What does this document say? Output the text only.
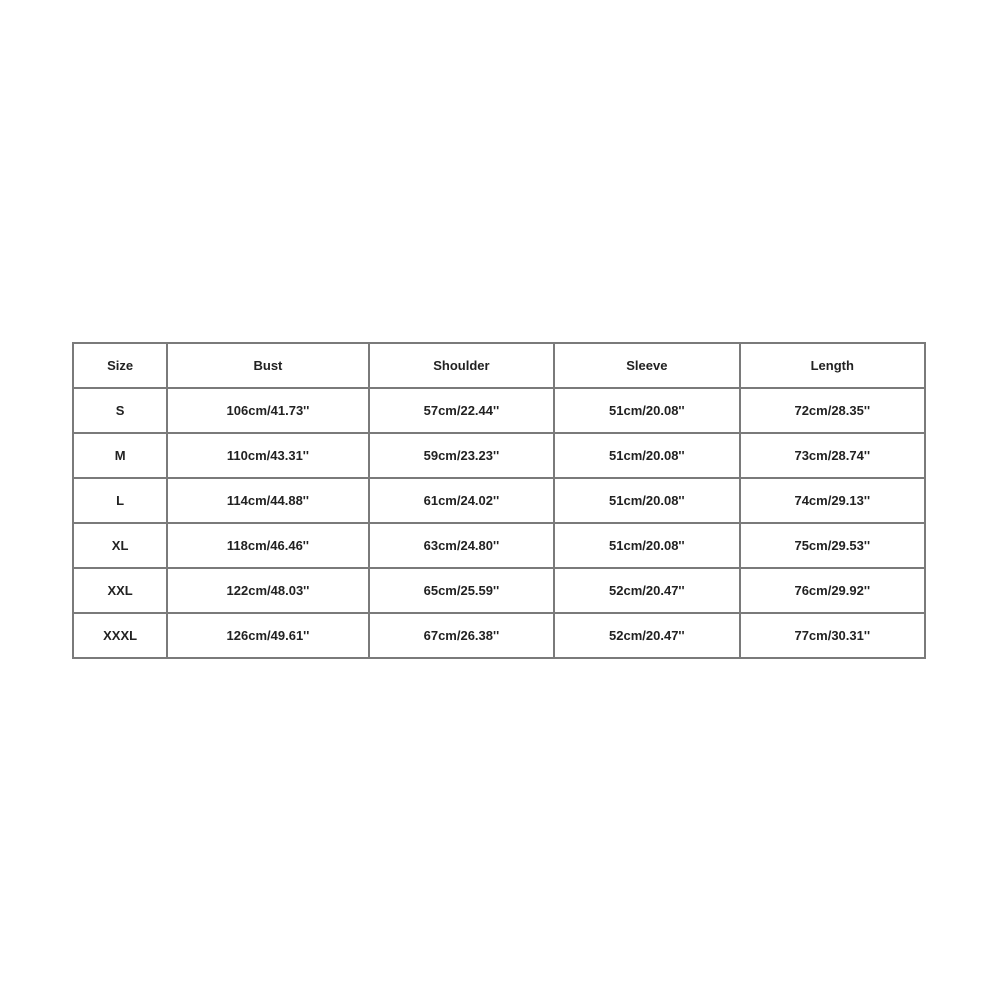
Size	Bust	Shoulder	Sleeve	Length
S	106cm/41.73''	57cm/22.44''	51cm/20.08''	72cm/28.35''
M	110cm/43.31''	59cm/23.23''	51cm/20.08''	73cm/28.74''
L	114cm/44.88''	61cm/24.02''	51cm/20.08''	74cm/29.13''
XL	118cm/46.46''	63cm/24.80''	51cm/20.08''	75cm/29.53''
XXL	122cm/48.03''	65cm/25.59''	52cm/20.47''	76cm/29.92''
XXXL	126cm/49.61''	67cm/26.38''	52cm/20.47''	77cm/30.31''
